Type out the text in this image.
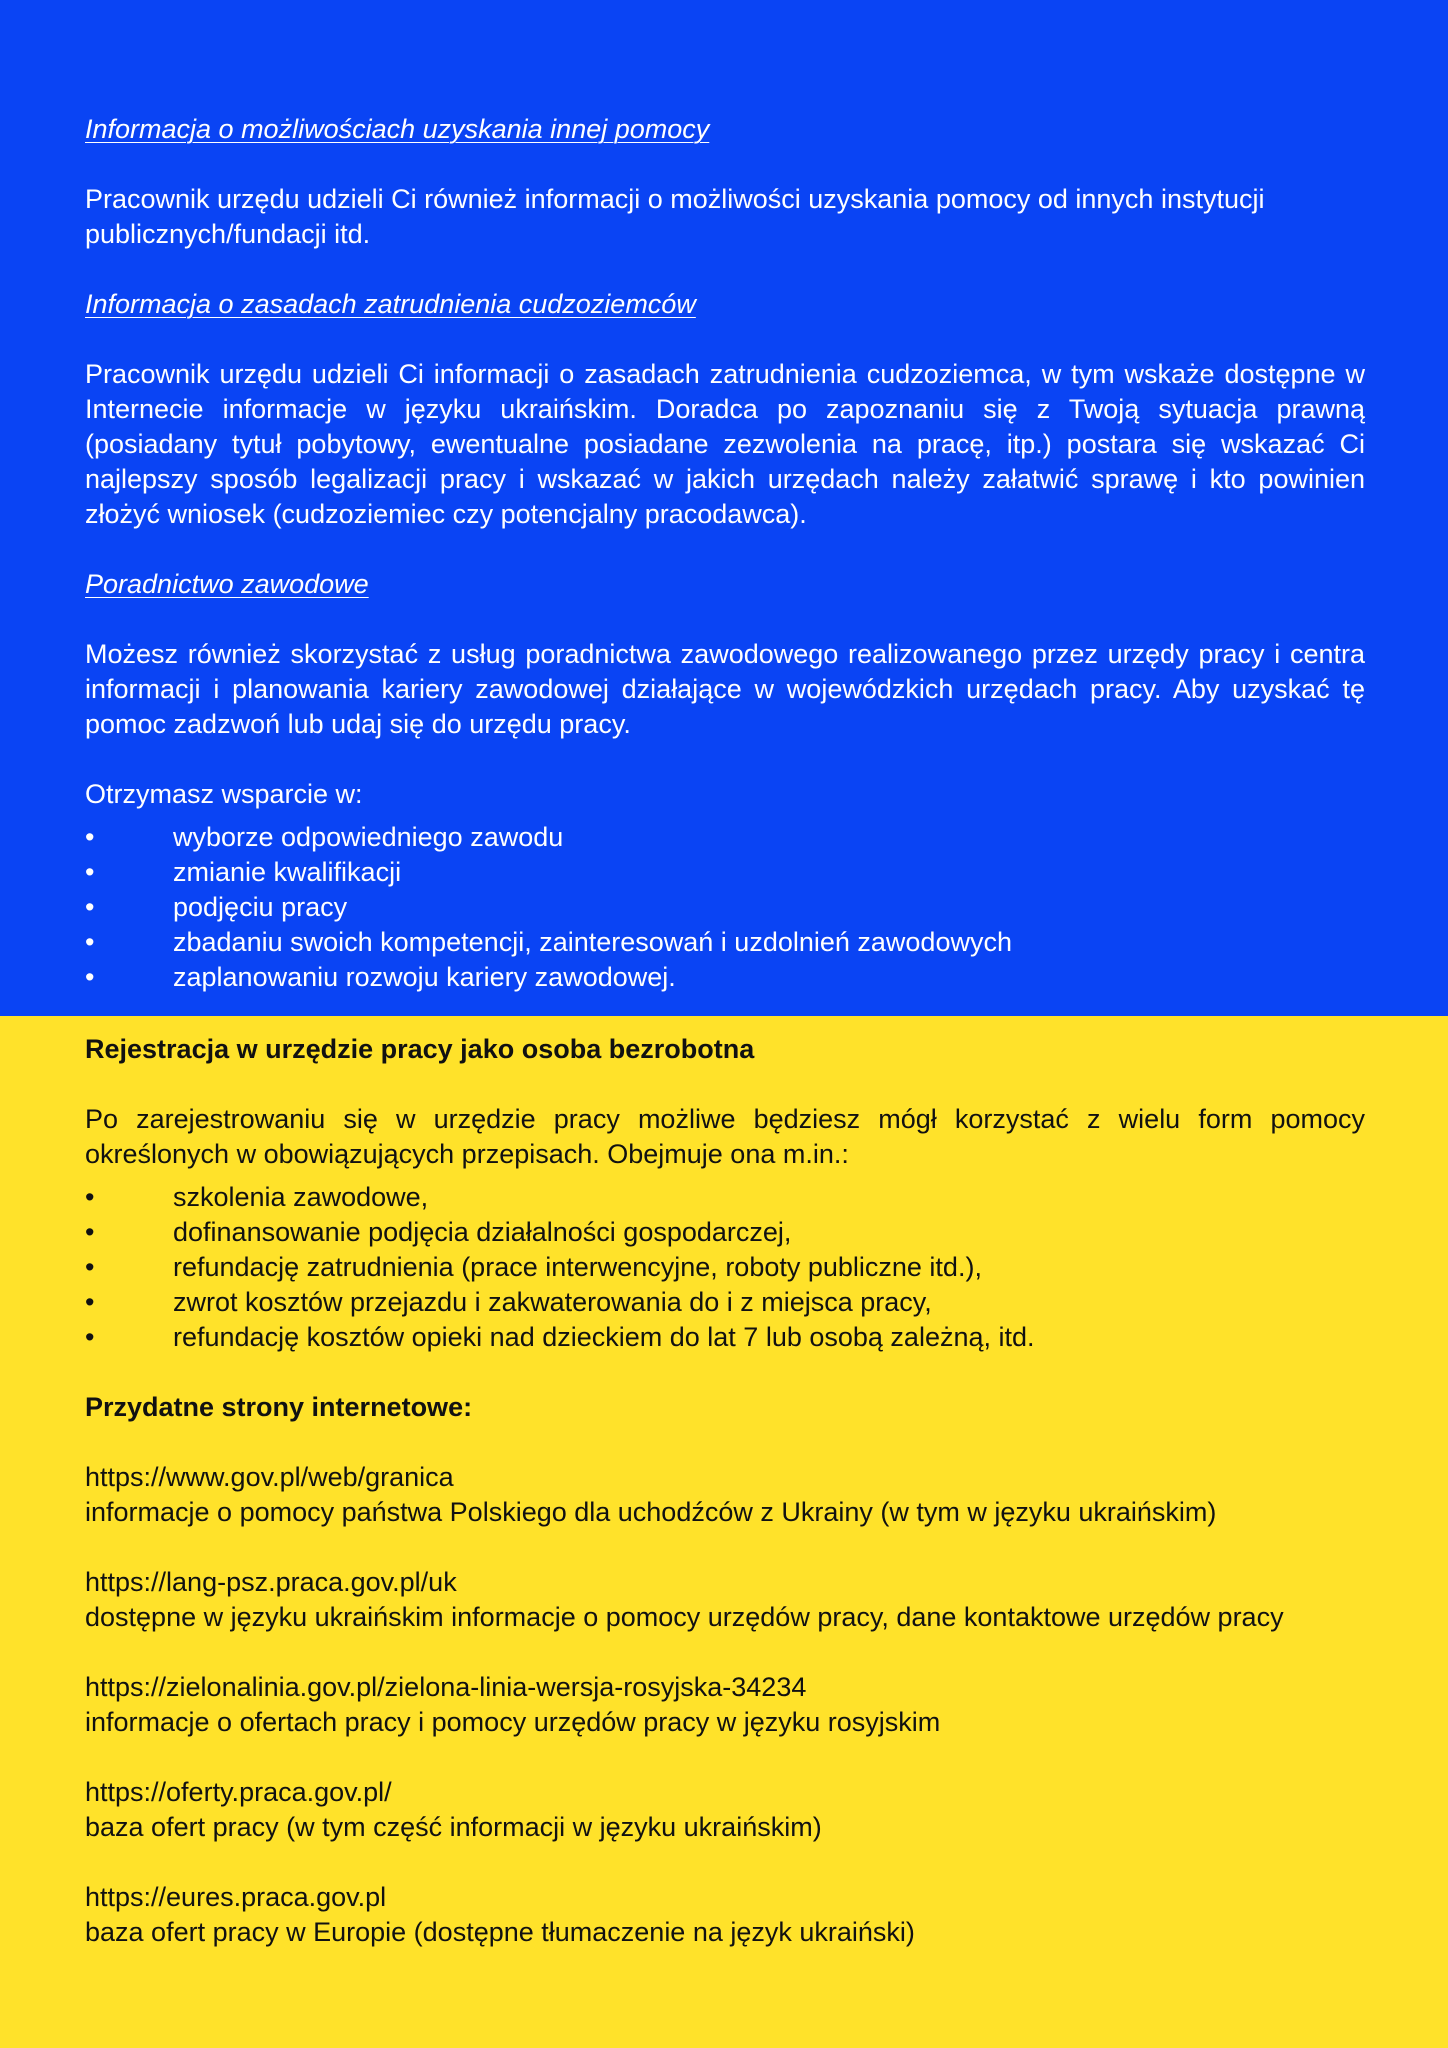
Informacja o możliwościach uzyskania innej pomocy

Pracownik urzędu udzieli Ci również informacji o możliwości uzyskania pomocy od innych instytucji publicznych/fundacji itd.

Informacja o zasadach zatrudnienia cudzoziemców

Pracownik urzędu udzieli Ci informacji o zasadach zatrudnienia cudzoziemca, w tym wskaże dostępne w Internecie informacje w języku ukraińskim. Doradca po zapoznaniu się z Twoją sytuacja prawną (posiadany tytuł pobytowy, ewentualne posiadane zezwolenia na pracę, itp.) postara się wskazać Ci najlepszy sposób legalizacji pracy i wskazać w jakich urzędach należy załatwić sprawę i kto powinien złożyć wniosek (cudzoziemiec czy potencjalny pracodawca).

Poradnictwo zawodowe

Możesz również skorzystać z usług poradnictwa zawodowego realizowanego przez urzędy pracy i centra informacji i planowania kariery zawodowej działające w wojewódzkich urzędach pracy. Aby uzyskać tę pomoc zadzwoń lub udaj się do urzędu pracy.

Otrzymasz wsparcie w:

•	wyborze odpowiedniego zawodu
•	zmianie kwalifikacji
•	podjęciu pracy
•	zbadaniu swoich kompetencji, zainteresowań i uzdolnień zawodowych
•	zaplanowaniu rozwoju kariery zawodowej.

Rejestracja w urzędzie pracy jako osoba bezrobotna

Po zarejestrowaniu się w urzędzie pracy możliwe będziesz mógł korzystać z wielu form pomocy określonych w obowiązujących przepisach. Obejmuje ona m.in.:

•	szkolenia zawodowe,
•	dofinansowanie podjęcia działalności gospodarczej,
•	refundację zatrudnienia (prace interwencyjne, roboty publiczne itd.),
•	zwrot kosztów przejazdu i zakwaterowania do i z miejsca pracy,
•	refundację kosztów opieki nad dzieckiem do lat 7 lub osobą zależną, itd.

Przydatne strony internetowe:

https://www.gov.pl/web/granica

informacje o pomocy państwa Polskiego dla uchodźców z Ukrainy (w tym w języku ukraińskim)

https://lang-psz.praca.gov.pl/uk

dostępne w języku ukraińskim informacje o pomocy urzędów pracy, dane kontaktowe urzędów pracy

https://zielonalinia.gov.pl/zielona-linia-wersja-rosyjska-34234

informacje o ofertach pracy i pomocy urzędów pracy w języku rosyjskim

https://oferty.praca.gov.pl/

baza ofert pracy (w tym część informacji w języku ukraińskim)

https://eures.praca.gov.pl

baza ofert pracy w Europie (dostępne tłumaczenie na język ukraiński)
